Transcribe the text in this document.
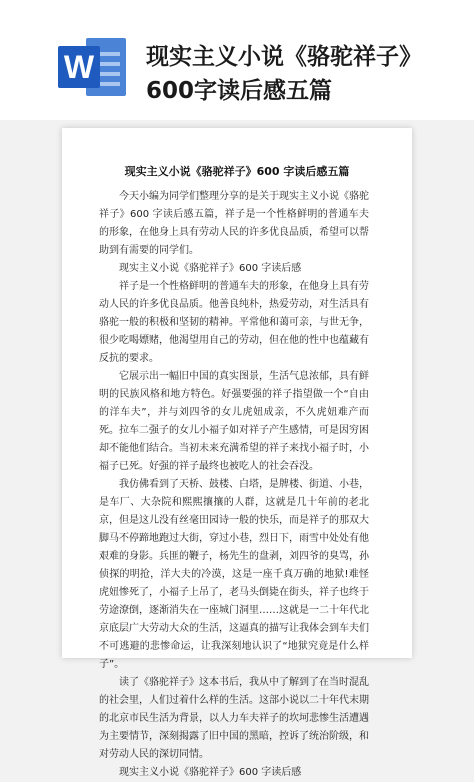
W 现实主义小说《骆驼祥子》600字读后感五篇
现实主义小说《骆驼祥子》600 字读后感五篇

今天小编为同学们整理分享的是关于现实主义小说《骆驼祥子》600 字读后感五篇，祥子是一个性格鲜明的普通车夫的形象，在他身上具有劳动人民的许多优良品质，希望可以帮助到有需要的同学们。

现实主义小说《骆驼祥子》600 字读后感

祥子是一个性格鲜明的普通车夫的形象，在他身上具有劳动人民的许多优良品质。他善良纯朴，热爱劳动，对生活具有骆驼一般的积极和坚韧的精神。平常他和蔼可亲，与世无争，很少吃喝嫖赌，他渴望用自己的劳动，但在他的性中也蕴藏有反抗的要求。

它展示出一幅旧中国的真实图景，生活气息浓郁，具有鲜明的民族风格和地方特色。好强要强的祥子指望做一个“自由的洋车夫”，并与刘四爷的女儿虎妞成亲，不久虎妞难产而死。拉车二强子的女儿小福子如对祥子产生感情，可是因穷困却不能他们结合。当初未来充满希望的祥子来找小福子时，小福子已死。好强的祥子最终也被吃人的社会吞没。

我仿佛看到了天桥、鼓楼、白塔，是牌楼、街道、小巷，是车厂、大杂院和熙熙攘攘的人群，这就是几十年前的老北京，但是这儿没有丝毫田园诗一般的快乐，而是祥子的那双大脚马不停蹄地跑过大街，穿过小巷，烈日下，雨雪中处处有他艰难的身影。兵匪的鞭子，杨先生的盘剥，刘四爷的臭骂，孙侦探的明抢，洋大夫的冷漠，这是一座千真万确的地狱!难怪虎妞惨死了，小福子上吊了，老马头倒毙在街头，祥子也终于劳途潦倒，逐渐消失在一座城门洞里……这就是一二十年代北京底层广大劳动大众的生活，这逼真的描写让我体会到车夫们不可逃避的悲惨命运，让我深刻地认识了“地狱究竟是什么样子”。

读了《骆驼祥子》这本书后，我从中了解到了在当时混乱的社会里，人们过着什么样的生活。这部小说以二十年代末期的北京市民生活为背景，以人力车夫祥子的坎坷悲惨生活遭遇为主要情节，深刻揭露了旧中国的黑暗，控诉了统治阶级，和对劳动人民的深切同情。

现实主义小说《骆驼祥子》600 字读后感
